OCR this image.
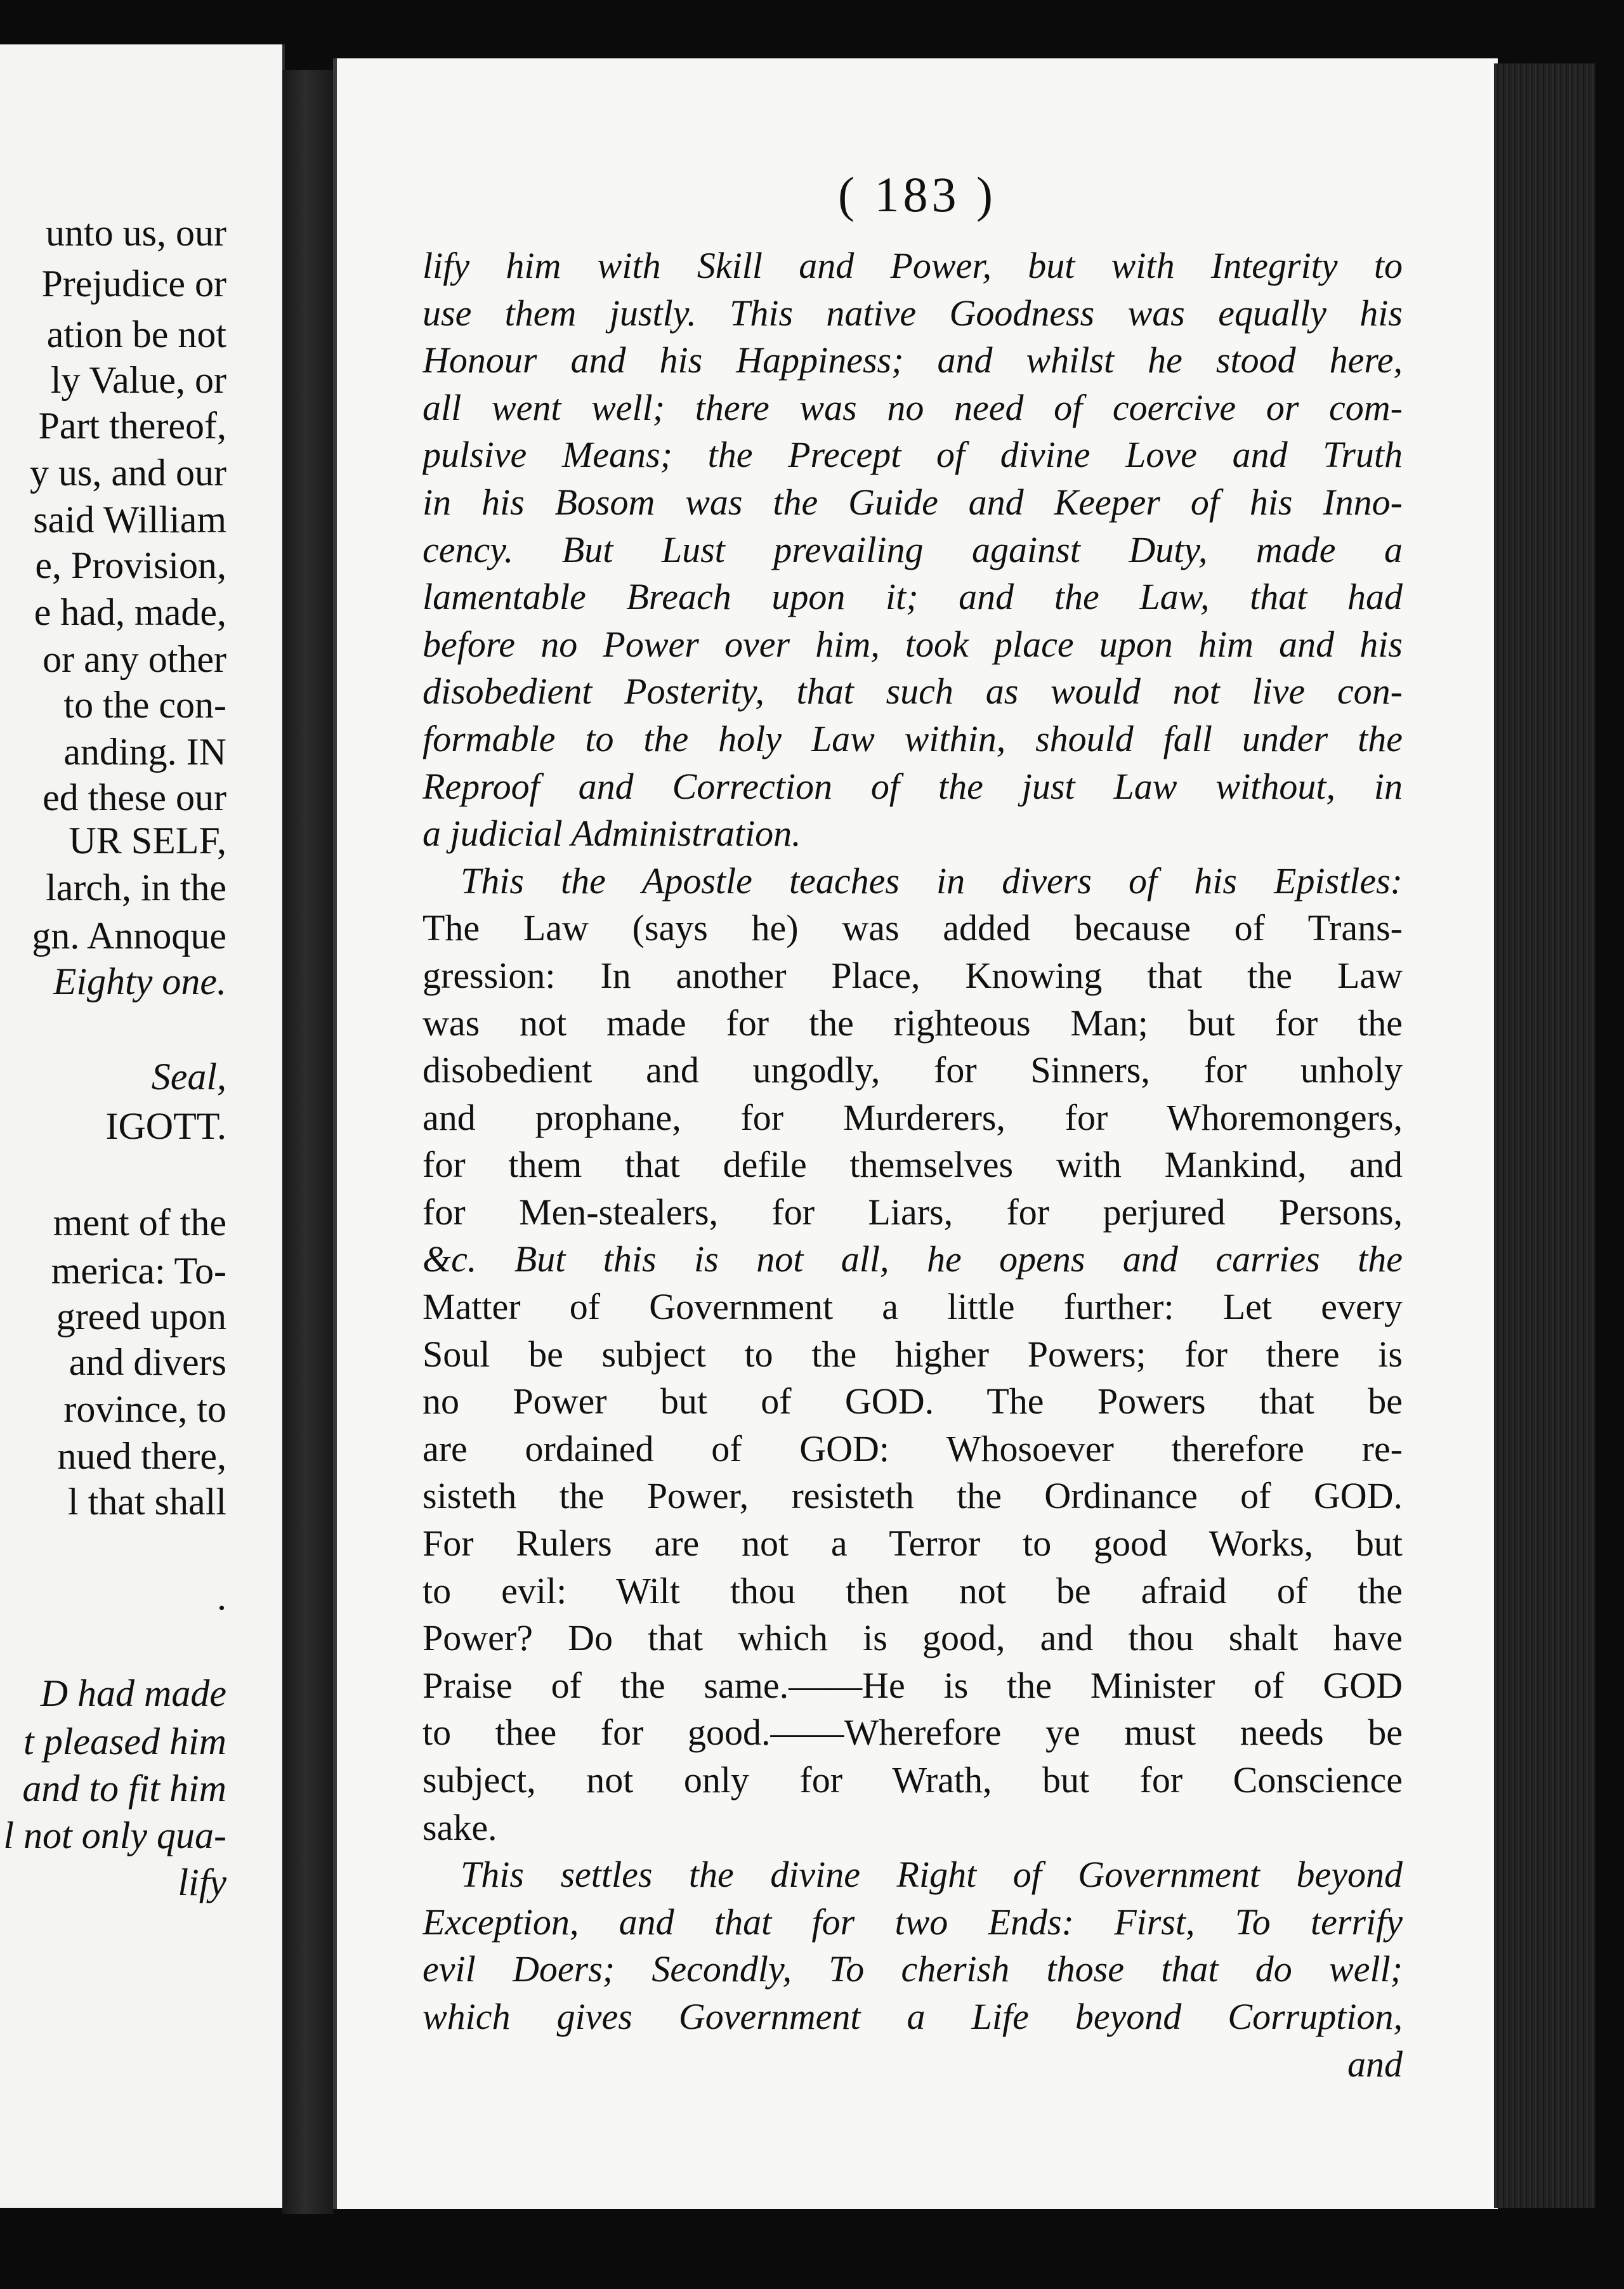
unto us, our
Prejudice or
ation be not
ly Value, or
Part thereof,
y us, and our
said William
e, Provision,
e had, made,
or any other
to the con-
anding. IN
ed these our
UR SELF,
larch, in the
gn. Annoque
Eighty one.
Seal,
IGOTT.
ment of the
merica: To-
greed upon
and divers
rovince, to
nued there,
l that shall
.
D had made
t pleased him
and to fit him
l not only qua-
lify
( 183 )
lify him with Skill and Power, but with Integrity to
use them justly. This native Goodness was equally his
Honour and his Happiness; and whilst he stood here,
all went well; there was no need of coercive or com-
pulsive Means; the Precept of divine Love and Truth
in his Bosom was the Guide and Keeper of his Inno-
cency. But Lust prevailing against Duty, made a
lamentable Breach upon it; and the Law, that had
before no Power over him, took place upon him and his
disobedient Posterity, that such as would not live con-
formable to the holy Law within, should fall under the
Reproof and Correction of the just Law without, in
a judicial Administration.
This the Apostle teaches in divers of his Epistles:
The Law (says he) was added because of Trans-
gression: In another Place, Knowing that the Law
was not made for the righteous Man; but for the
disobedient and ungodly, for Sinners, for unholy
and prophane, for Murderers, for Whoremongers,
for them that defile themselves with Mankind, and
for Men-stealers, for Liars, for perjured Persons,
&c. But this is not all, he opens and carries the
Matter of Government a little further: Let every
Soul be subject to the higher Powers; for there is
no Power but of GOD. The Powers that be
are ordained of GOD: Whosoever therefore re-
sisteth the Power, resisteth the Ordinance of GOD.
For Rulers are not a Terror to good Works, but
to evil: Wilt thou then not be afraid of the
Power? Do that which is good, and thou shalt have
Praise of the same.——He is the Minister of GOD
to thee for good.——Wherefore ye must needs be
subject, not only for Wrath, but for Conscience
sake.
This settles the divine Right of Government beyond
Exception, and that for two Ends: First, To terrify
evil Doers; Secondly, To cherish those that do well;
which gives Government a Life beyond Corruption,
and
